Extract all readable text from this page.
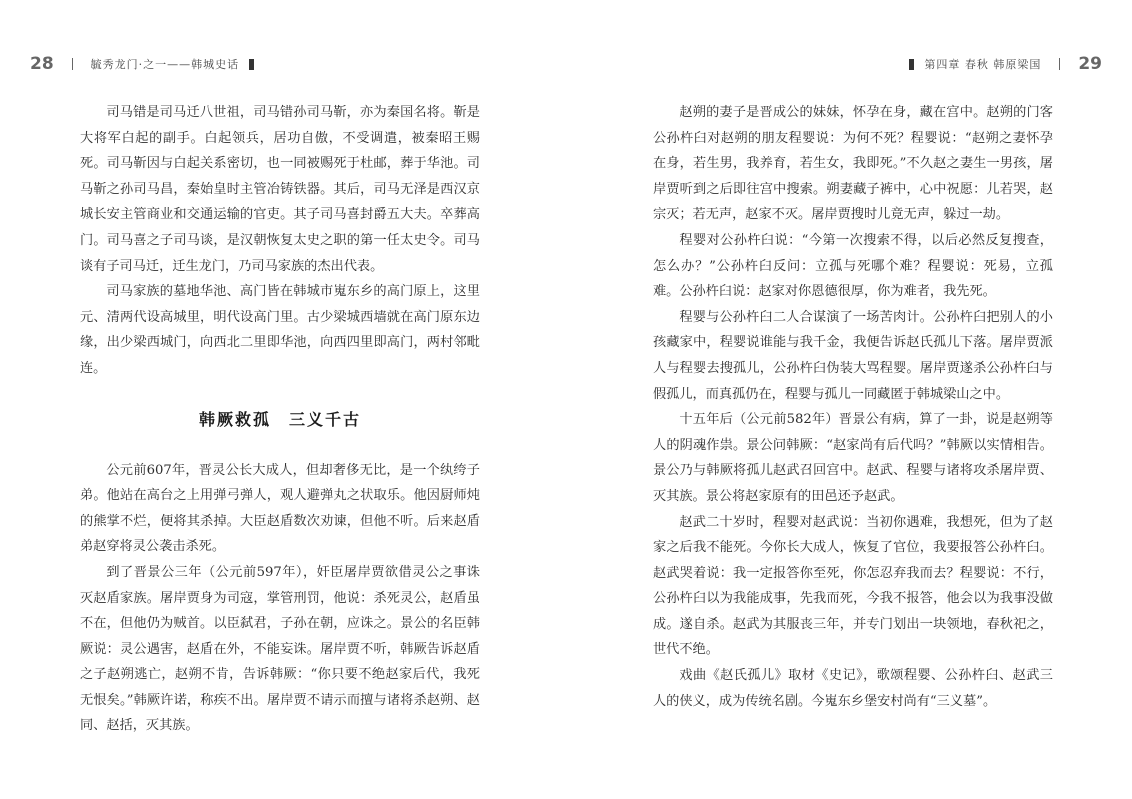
28	毓秀龙门·之一——韩城史话

司马错是司马迁八世祖，司马错孙司马靳，亦为秦国名将。靳是大将军白起的副手。白起领兵，居功自傲，不受调遣，被秦昭王赐死。司马靳因与白起关系密切，也一同被赐死于杜邮，葬于华池。司马靳之孙司马昌，秦始皇时主管冶铸铁器。其后，司马无泽是西汉京城长安主管商业和交通运输的官吏。其子司马喜封爵五大夫。卒葬高门。司马喜之子司马谈，是汉朝恢复太史之职的第一任太史令。司马谈有子司马迁，迁生龙门，乃司马家族的杰出代表。

司马家族的墓地华池、高门皆在韩城市嵬东乡的高门原上，这里元、清两代设高城里，明代设高门里。古少梁城西墙就在高门原东边缘，出少梁西城门，向西北二里即华池，向西四里即高门，两村邻毗连。

韩厥救孤　三义千古

公元前607年，晋灵公长大成人，但却奢侈无比，是一个纨绔子弟。他站在高台之上用弹弓弹人，观人避弹丸之状取乐。他因厨师炖的熊掌不烂，便将其杀掉。大臣赵盾数次劝谏，但他不听。后来赵盾弟赵穿将灵公袭击杀死。

到了晋景公三年（公元前597年），奸臣屠岸贾欲借灵公之事诛灭赵盾家族。屠岸贾身为司寇，掌管刑罚，他说：杀死灵公，赵盾虽不在，但他仍为贼首。以臣弑君，子孙在朝，应诛之。景公的名臣韩厥说：灵公遇害，赵盾在外，不能妄诛。屠岸贾不听，韩厥告诉赵盾之子赵朔逃亡，赵朔不肯，告诉韩厥：“你只要不绝赵家后代，我死无恨矣。”韩厥许诺，称疾不出。屠岸贾不请示而擅与诸将杀赵朔、赵同、赵括，灭其族。

第四章 春秋 韩原梁国 29

赵朔的妻子是晋成公的妹妹，怀孕在身，藏在宫中。赵朔的门客公孙杵臼对赵朔的朋友程婴说：为何不死？程婴说：“赵朔之妻怀孕在身，若生男，我养育，若生女，我即死。”不久赵之妻生一男孩，屠岸贾听到之后即往宫中搜索。朔妻藏子裤中，心中祝愿：儿若哭，赵宗灭；若无声，赵家不灭。屠岸贾搜时儿竟无声，躲过一劫。

程婴对公孙杵臼说：“今第一次搜索不得，以后必然反复搜查，怎么办？”公孙杵臼反问：立孤与死哪个难？程婴说：死易，立孤难。公孙杵臼说：赵家对你恩德很厚，你为难者，我先死。

程婴与公孙杵臼二人合谋演了一场苦肉计。公孙杵臼把别人的小孩藏家中，程婴说谁能与我千金，我便告诉赵氏孤儿下落。屠岸贾派人与程婴去搜孤儿，公孙杵臼伪装大骂程婴。屠岸贾遂杀公孙杵臼与假孤儿，而真孤仍在，程婴与孤儿一同藏匿于韩城梁山之中。

十五年后（公元前582年）晋景公有病，算了一卦，说是赵朔等人的阴魂作祟。景公问韩厥：“赵家尚有后代吗？”韩厥以实情相告。景公乃与韩厥将孤儿赵武召回宫中。赵武、程婴与诸将攻杀屠岸贾、灭其族。景公将赵家原有的田邑还予赵武。

赵武二十岁时，程婴对赵武说：当初你遇难，我想死，但为了赵家之后我不能死。今你长大成人，恢复了官位，我要报答公孙杵臼。赵武哭着说：我一定报答你至死，你怎忍弃我而去？程婴说：不行，公孙杵臼以为我能成事，先我而死，今我不报答，他会以为我事没做成。遂自杀。赵武为其服丧三年，并专门划出一块领地，春秋祀之，世代不绝。

戏曲《赵氏孤儿》取材《史记》，歌颂程婴、公孙杵臼、赵武三人的侠义，成为传统名剧。今嵬东乡堡安村尚有“三义墓”。
